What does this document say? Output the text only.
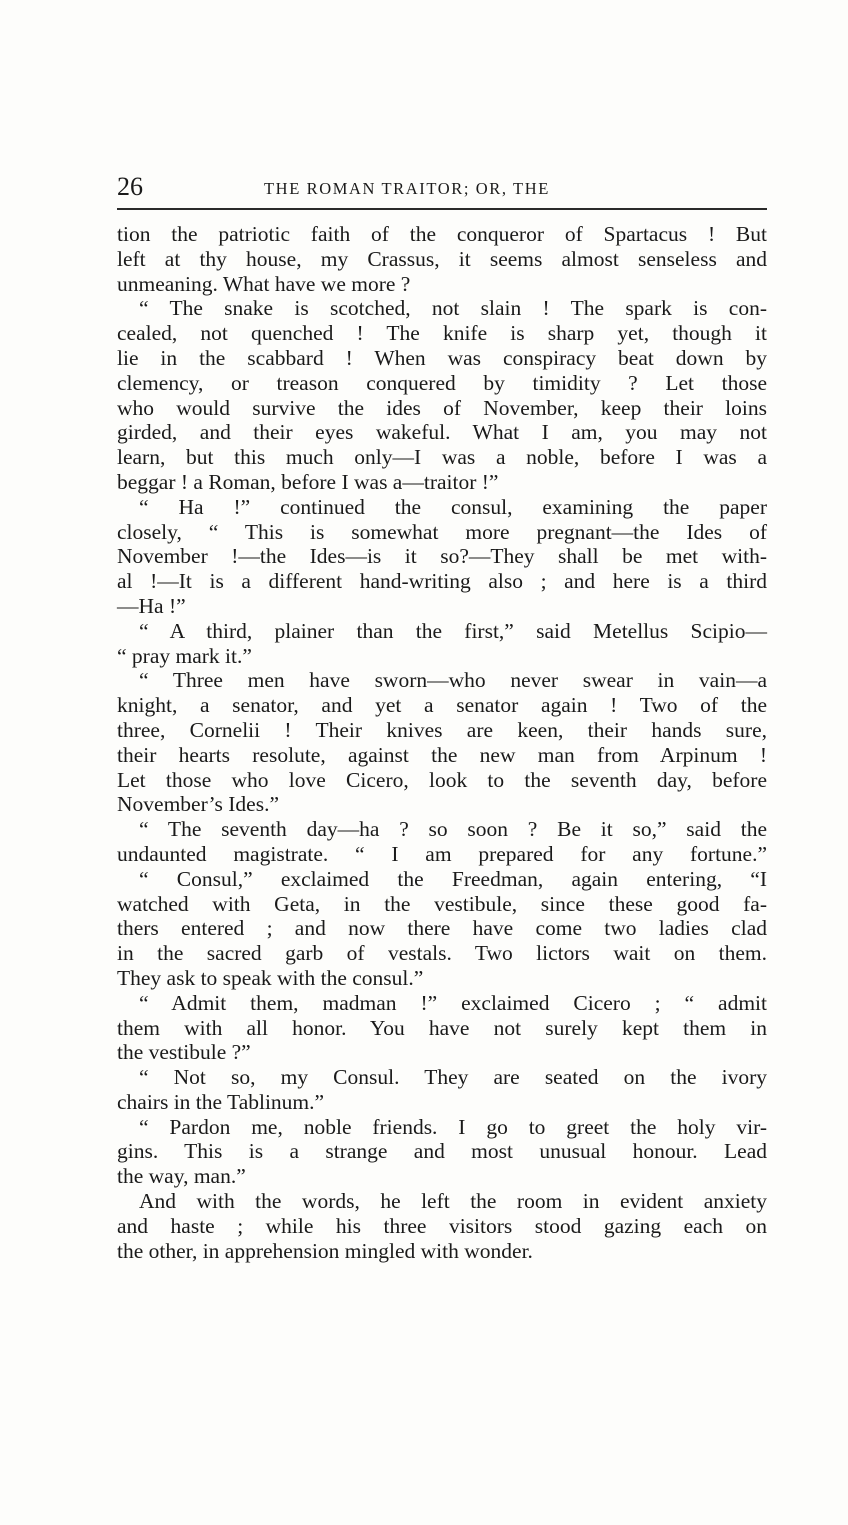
26	THE ROMAN TRAITOR; OR, THE
tion the patriotic faith of the conqueror of Spartacus ! But
left at thy house, my Crassus, it seems almost senseless and
unmeaning. What have we more ?
“ The snake is scotched, not slain ! The spark is con-
cealed, not quenched ! The knife is sharp yet, though it
lie in the scabbard ! When was conspiracy beat down by
clemency, or treason conquered by timidity ? Let those
who would survive the ides of November, keep their loins
girded, and their eyes wakeful. What I am, you may not
learn, but this much only—I was a noble, before I was a
beggar ! a Roman, before I was a—traitor !”
“ Ha !” continued the consul, examining the paper
closely, “ This is somewhat more pregnant—the Ides of
November !—the Ides—is it so?—They shall be met with-
al !—It is a different hand-writing also ; and here is a third
—Ha !”
“ A third, plainer than the first,” said Metellus Scipio—
“ pray mark it.”
“ Three men have sworn—who never swear in vain—a
knight, a senator, and yet a senator again ! Two of the
three, Cornelii ! Their knives are keen, their hands sure,
their hearts resolute, against the new man from Arpinum !
Let those who love Cicero, look to the seventh day, before
November’s Ides.”
“ The seventh day—ha ? so soon ? Be it so,” said the
undaunted magistrate. “ I am prepared for any fortune.”
“ Consul,” exclaimed the Freedman, again entering, “I
watched with Geta, in the vestibule, since these good fa-
thers entered ; and now there have come two ladies clad
in the sacred garb of vestals. Two lictors wait on them.
They ask to speak with the consul.”
“ Admit them, madman !” exclaimed Cicero ; “ admit
them with all honor. You have not surely kept them in
the vestibule ?”
“ Not so, my Consul. They are seated on the ivory
chairs in the Tablinum.”
“ Pardon me, noble friends. I go to greet the holy vir-
gins. This is a strange and most unusual honour. Lead
the way, man.”
And with the words, he left the room in evident anxiety
and haste ; while his three visitors stood gazing each on
the other, in apprehension mingled with wonder.
